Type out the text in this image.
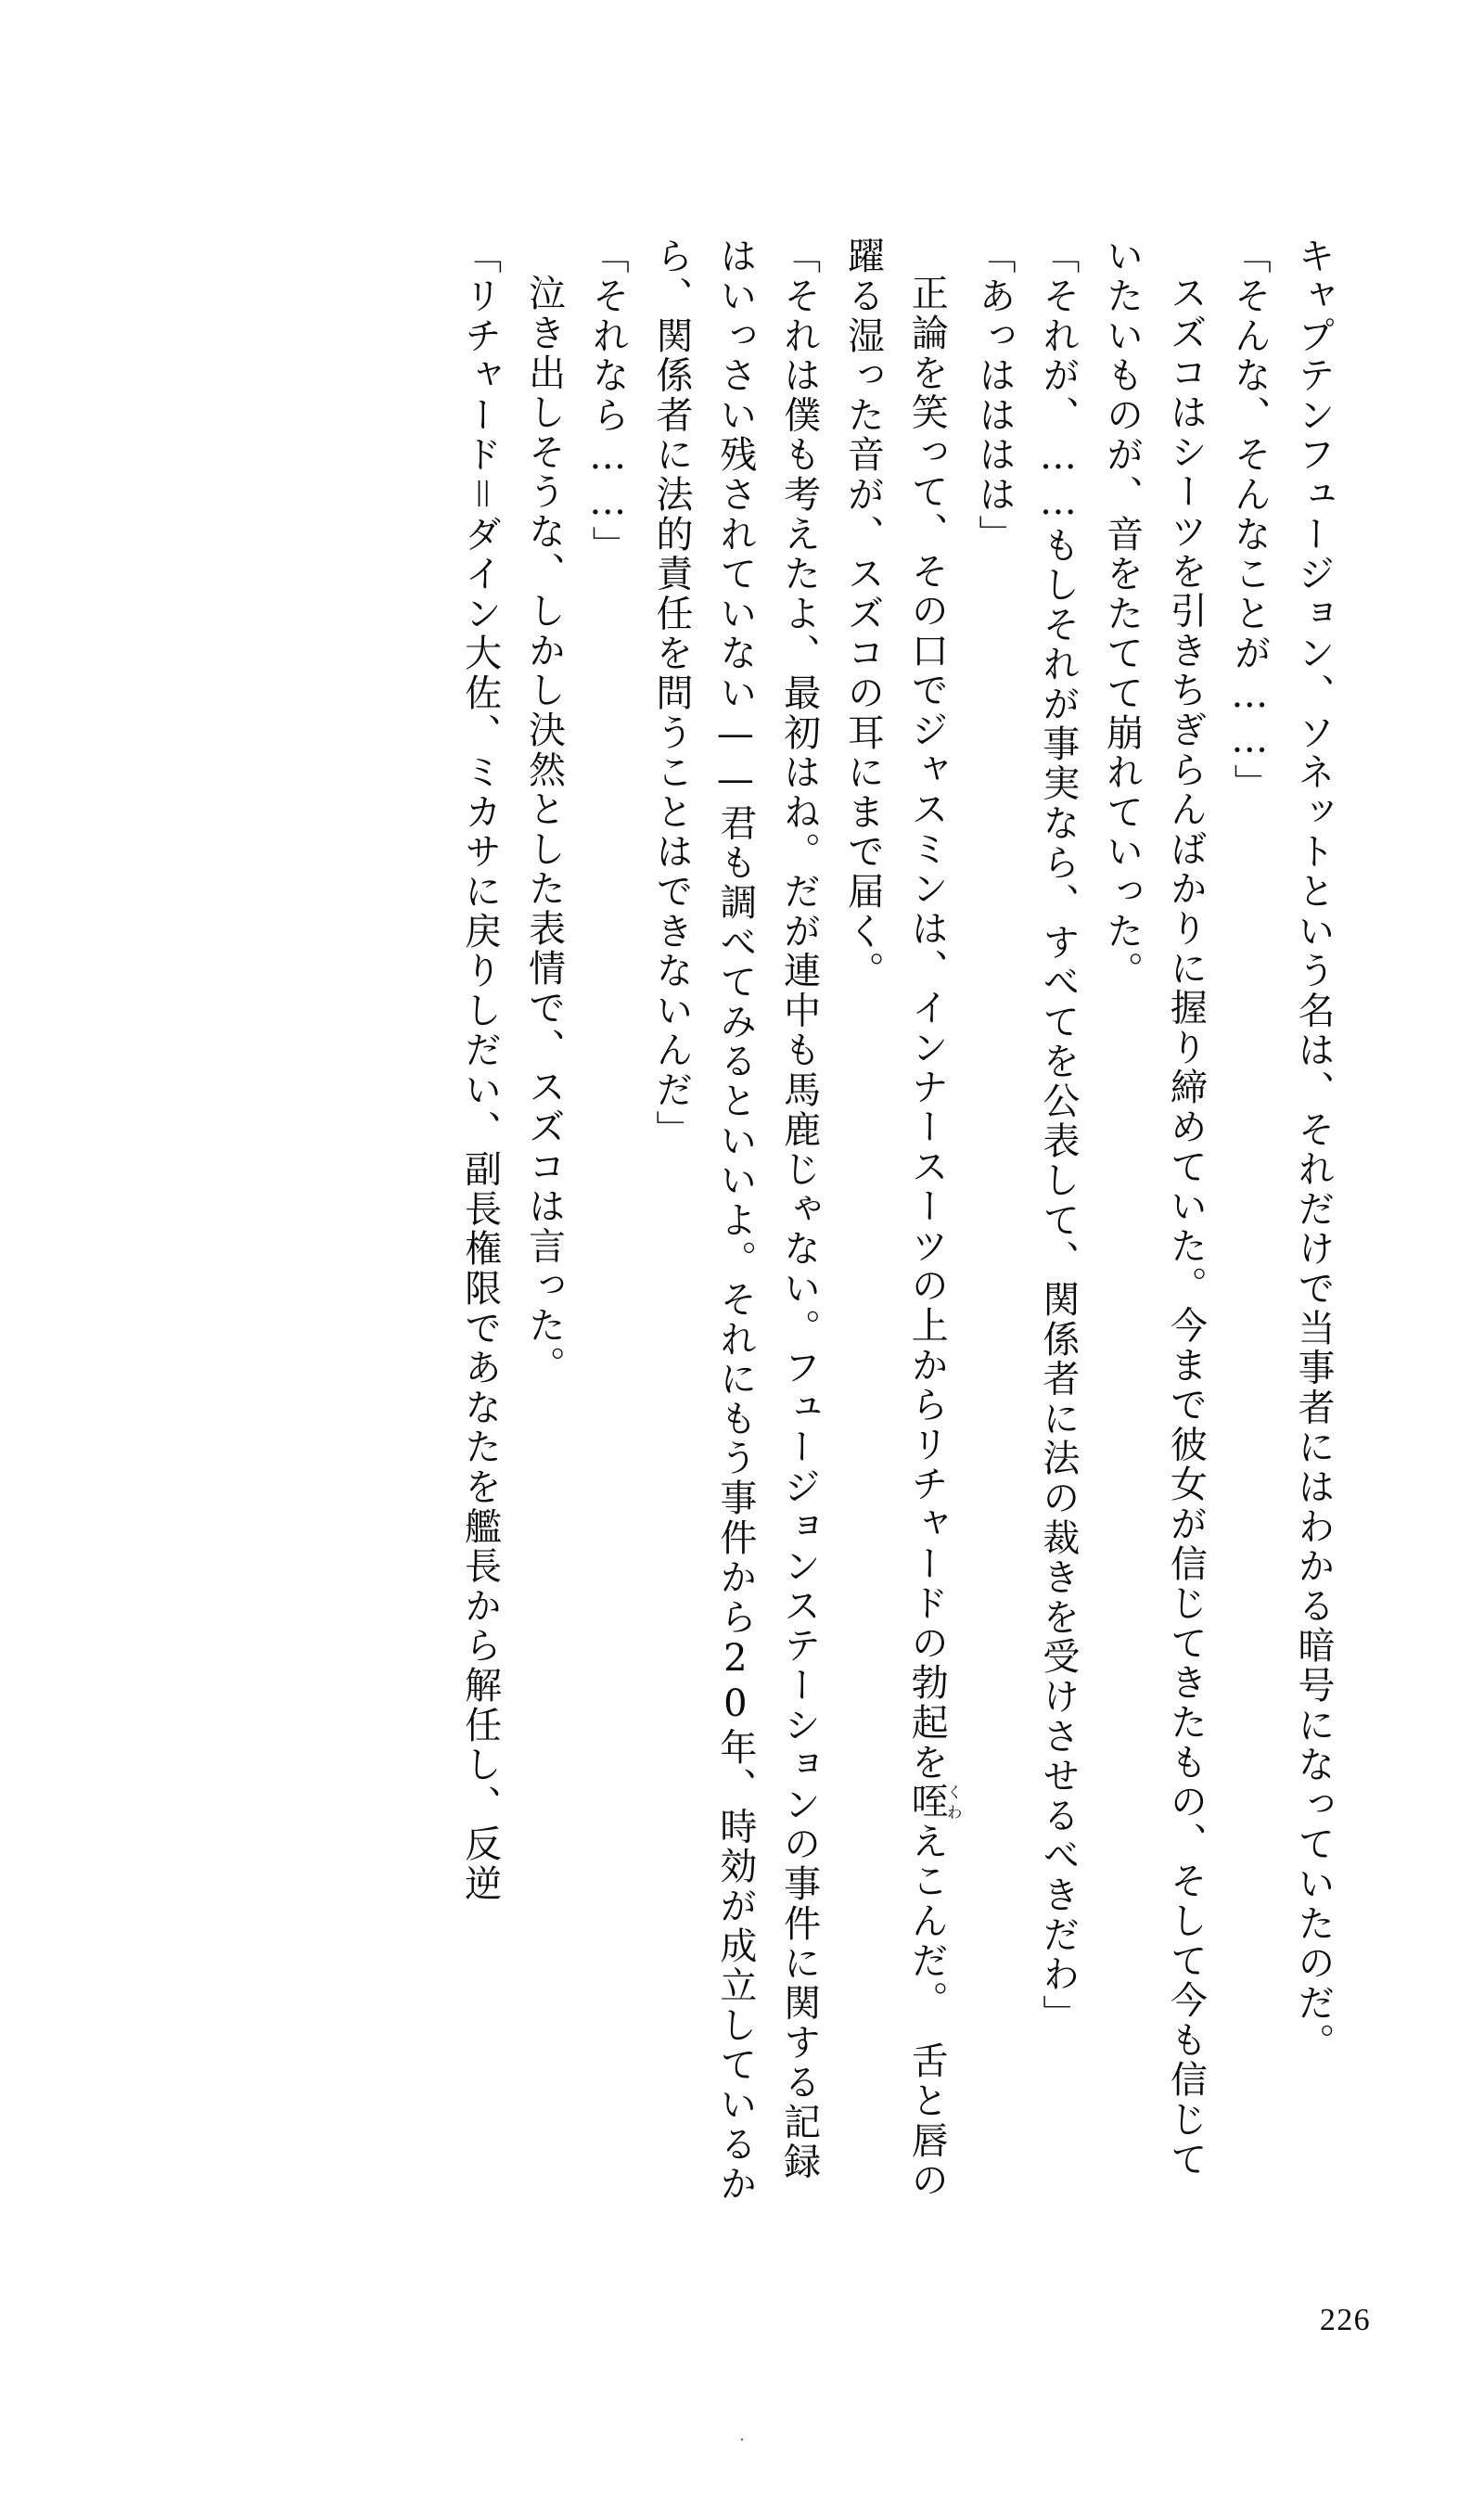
キャプテンフュージョン、ソネットという名は、それだけで当事者にはわかる暗号になっていたのだ。

「そんな、そんなことが……」

スズコはシーツを引きちぎらんばかりに握り締めていた。今まで彼女が信じてきたもの、そして今も信じていたいものが、音をたてて崩れていった。

「それが、……もしそれが事実なら、すべてを公表して、関係者に法の裁きを受けさせるべきだわ」

「あっはははは」

正論を笑って、その口でジャスミンは、インナースーツの上からリチャードの勃起を咥くわえこんだ。　舌と唇の躍る湿った音が、スズコの耳にまで届く。

「それは僕も考えたよ、最初はね。だが連中も馬鹿じゃない。フュージョンステーションの事件に関する記録はいっさい残されていない——君も調べてみるといいよ。それにもう事件から20年、時効が成立しているから、関係者に法的責任を問うことはできないんだ」

「それなら……」

泣き出しそうな、しかし決然とした表情で、スズコは言った。

「リチャード＝ダイン大佐、ミカサに戻りしだい、副長権限であなたを艦長から解任し、反逆

226
・
